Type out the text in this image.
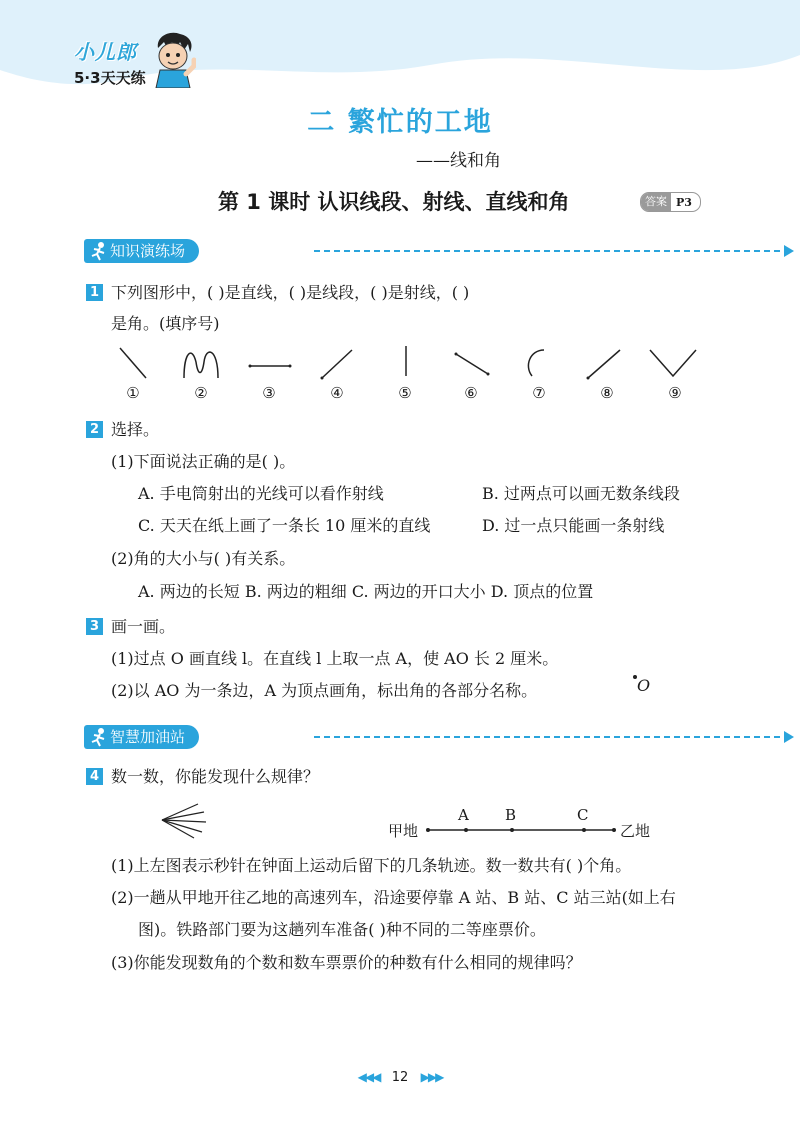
小儿郎
5·3天天练
二 繁忙的工地
——线和角
第 1 课时 认识线段、射线、直线和角	答案 P3
知识演练场
1 下列图形中，( )是直线，( )是线段，( )是射线，( )
是角。(填序号)
①	②	③	④	⑤	⑥	⑦	⑧	⑨
2 选择。
(1)下面说法正确的是( )。
A. 手电筒射出的光线可以看作射线	B. 过两点可以画无数条线段
C. 天天在纸上画了一条长 10 厘米的直线	D. 过一点只能画一条射线
(2)角的大小与( )有关系。
A. 两边的长短 B. 两边的粗细 C. 两边的开口大小 D. 顶点的位置
3 画一画。
(1)过点 O 画直线 l。在直线 l 上取一点 A，使 AO 长 2 厘米。
(2)以 AO 为一条边，A 为顶点画角，标出角的各部分名称。	O
智慧加油站
4 数一数，你能发现什么规律？
甲地
A B	C
乙地
(1)上左图表示秒针在钟面上运动后留下的几条轨迹。数一数共有( )个角。
(2)一趟从甲地开往乙地的高速列车，沿途要停靠 A 站、B 站、C 站三站(如上右
图)。铁路部门要为这趟列车准备( )种不同的二等座票价。
(3)你能发现数角的个数和数车票票价的种数有什么相同的规律吗？
◀◀◀ 12 ▶▶▶
